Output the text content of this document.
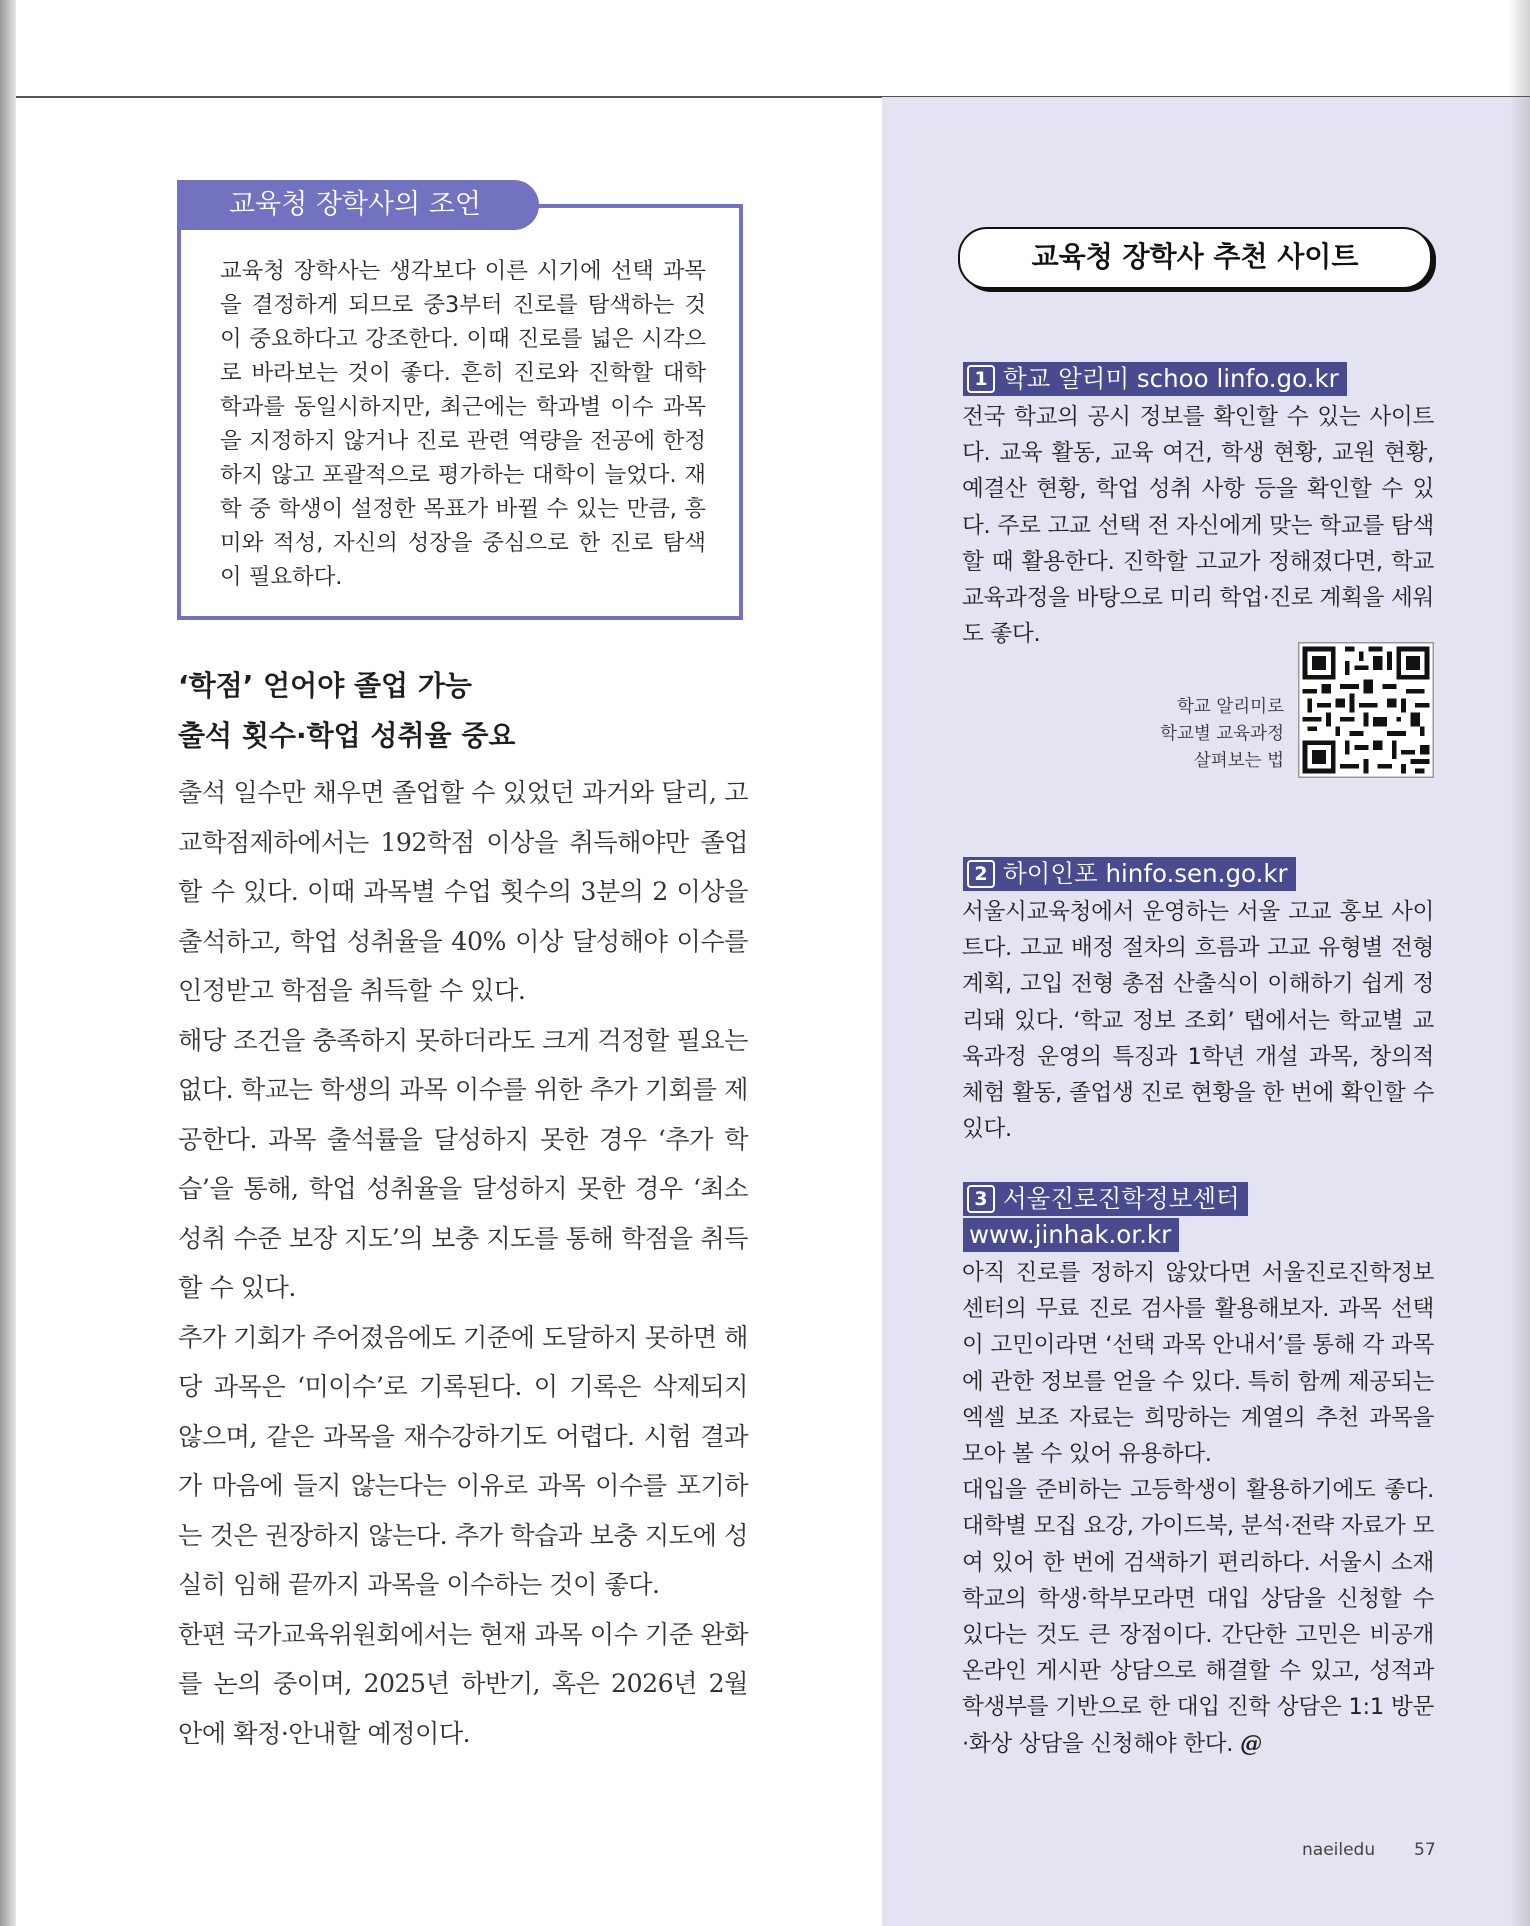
교육청 장학사의 조언
교육청 장학사는 생각보다 이른 시기에 선택 과목을 결정하게 되므로 중3부터 진로를 탐색하는 것이 중요하다고 강조한다. 이때 진로를 넓은 시각으로 바라보는 것이 좋다. 흔히 진로와 진학할 대학 학과를 동일시하지만, 최근에는 학과별 이수 과목을 지정하지 않거나 진로 관련 역량을 전공에 한정하지 않고 포괄적으로 평가하는 대학이 늘었다. 재학 중 학생이 설정한 목표가 바뀔 수 있는 만큼, 흥미와 적성, 자신의 성장을 중심으로 한 진로 탐색이 필요하다.
‘학점’ 얻어야 졸업 가능
출석 횟수·학업 성취율 중요

출석 일수만 채우면 졸업할 수 있었던 과거와 달리, 고교학점제하에서는 192학점 이상을 취득해야만 졸업할 수 있다. 이때 과목별 수업 횟수의 3분의 2 이상을 출석하고, 학업 성취율을 40% 이상 달성해야 이수를 인정받고 학점을 취득할 수 있다.

해당 조건을 충족하지 못하더라도 크게 걱정할 필요는 없다. 학교는 학생의 과목 이수를 위한 추가 기회를 제공한다. 과목 출석률을 달성하지 못한 경우 ‘추가 학습’을 통해, 학업 성취율을 달성하지 못한 경우 ‘최소 성취 수준 보장 지도’의 보충 지도를 통해 학점을 취득할 수 있다.

추가 기회가 주어졌음에도 기준에 도달하지 못하면 해당 과목은 ‘미이수’로 기록된다. 이 기록은 삭제되지 않으며, 같은 과목을 재수강하기도 어렵다. 시험 결과가 마음에 들지 않는다는 이유로 과목 이수를 포기하는 것은 권장하지 않는다. 추가 학습과 보충 지도에 성실히 임해 끝까지 과목을 이수하는 것이 좋다.

한편 국가교육위원회에서는 현재 과목 이수 기준 완화를 논의 중이며, 2025년 하반기, 혹은 2026년 2월 안에 확정·안내할 예정이다.

교육청 장학사 추천 사이트
1 학교 알리미 schoo linfo.go.kr
전국 학교의 공시 정보를 확인할 수 있는 사이트다. 교육 활동, 교육 여건, 학생 현황, 교원 현황, 예결산 현황, 학업 성취 사항 등을 확인할 수 있다. 주로 고교 선택 전 자신에게 맞는 학교를 탐색할 때 활용한다. 진학할 고교가 정해졌다면, 학교 교육과정을 바탕으로 미리 학업·진로 계획을 세워도 좋다.
학교 알리미로
학교별 교육과정
살펴보는 법
2 하이인포 hinfo.sen.go.kr
서울시교육청에서 운영하는 서울 고교 홍보 사이트다. 고교 배정 절차의 흐름과 고교 유형별 전형 계획, 고입 전형 총점 산출식이 이해하기 쉽게 정리돼 있다. ‘학교 정보 조회’ 탭에서는 학교별 교육과정 운영의 특징과 1학년 개설 과목, 창의적 체험 활동, 졸업생 진로 현황을 한 번에 확인할 수 있다.
3 서울진로진학정보센터
www.jinhak.or.kr

아직 진로를 정하지 않았다면 서울진로진학정보센터의 무료 진로 검사를 활용해보자. 과목 선택이 고민이라면 ‘선택 과목 안내서’를 통해 각 과목에 관한 정보를 얻을 수 있다. 특히 함께 제공되는 엑셀 보조 자료는 희망하는 계열의 추천 과목을 모아 볼 수 있어 유용하다.

대입을 준비하는 고등학생이 활용하기에도 좋다. 대학별 모집 요강, 가이드북, 분석·전략 자료가 모여 있어 한 번에 검색하기 편리하다. 서울시 소재 학교의 학생·학부모라면 대입 상담을 신청할 수 있다는 것도 큰 장점이다. 간단한 고민은 비공개 온라인 게시판 상담으로 해결할 수 있고, 성적과 학생부를 기반으로 한 대입 진학 상담은 1:1 방문·화상 상담을 신청해야 한다. @

naeiledu 57
